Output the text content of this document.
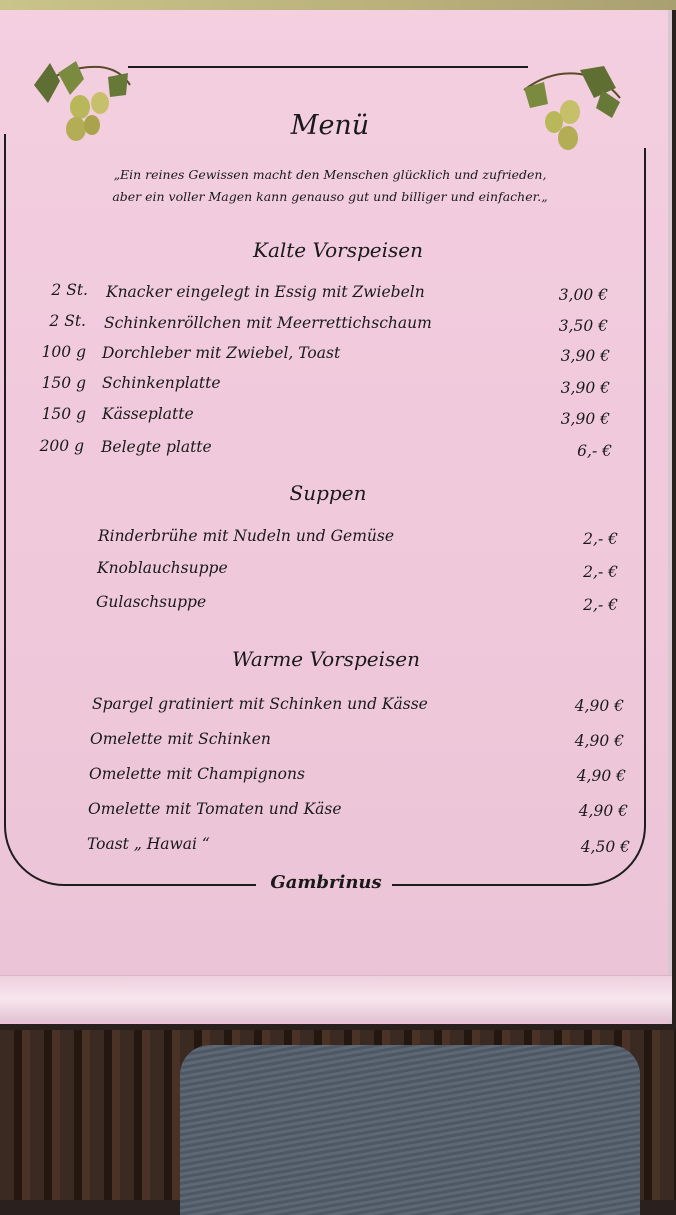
Menü
„Ein reines Gewissen macht den Menschen glücklich und zufrieden,
aber ein voller Magen kann genauso gut und billiger und einfacher.„
Kalte Vorspeisen
2 St. Knacker eingelegt in Essig mit Zwiebeln	3,00 €
2 St. Schinkenröllchen mit Meerrettichschaum	3,50 €
100 g Dorchleber mit Zwiebel, Toast	3,90 €
150 g Schinkenplatte	3,90 €
150 g Kässeplatte	3,90 €
200 g Belegte platte	6,- €
Suppen
Rinderbrühe mit Nudeln und Gemüse	2,- €
Knoblauchsuppe	2,- €
Gulaschsuppe	2,- €
Warme Vorspeisen
Spargel gratiniert mit Schinken und Kässe	4,90 €
Omelette mit Schinken	4,90 €
Omelette mit Champignons	4,90 €
Omelette mit Tomaten und Käse	4,90 €
Toast „ Hawai “	4,50 €
Gambrinus
